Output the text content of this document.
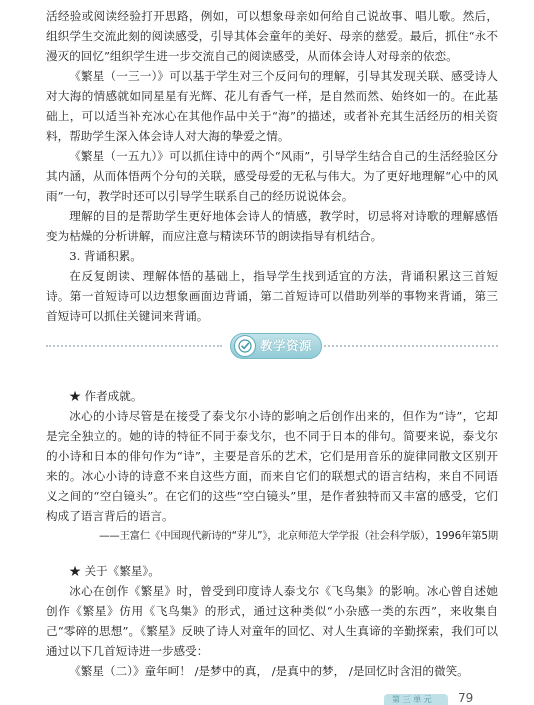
活经验或阅读经验打开思路，例如，可以想象母亲如何给自己说故事、唱儿歌。然后，组织学生交流此刻的阅读感受，引导其体会童年的美好、母亲的慈爱。最后，抓住“永不漫灭的回忆”组织学生进一步交流自己的阅读感受，从而体会诗人对母亲的依恋。

《繁星（一三一）》可以基于学生对三个反问句的理解，引导其发现关联、感受诗人对大海的情感就如同星星有光辉、花儿有香气一样，是自然而然、始终如一的。在此基础上，可以适当补充冰心在其他作品中关于“海”的描述，或者补充其生活经历的相关资料，帮助学生深入体会诗人对大海的挚爱之情。

《繁星（一五九）》可以抓住诗中的两个“风雨”，引导学生结合自己的生活经验区分其内涵，从而体悟两个分句的关联，感受母爱的无私与伟大。为了更好地理解“心中的风雨”一句，教学时还可以引导学生联系自己的经历说说体会。

理解的目的是帮助学生更好地体会诗人的情感，教学时，切忌将对诗歌的理解感悟变为枯燥的分析讲解，而应注意与精读环节的朗读指导有机结合。

3. 背诵积累。

在反复朗读、理解体悟的基础上，指导学生找到适宜的方法，背诵积累这三首短诗。第一首短诗可以边想象画面边背诵，第二首短诗可以借助列举的事物来背诵，第三首短诗可以抓住关键词来背诵。

教学资源

★ 作者成就。

冰心的小诗尽管是在接受了泰戈尔小诗的影响之后创作出来的，但作为“诗”，它却是完全独立的。她的诗的特征不同于泰戈尔，也不同于日本的俳句。简要来说，泰戈尔的小诗和日本的俳句作为“诗”，主要是音乐的艺术，它们是用音乐的旋律同散文区别开来的。冰心小诗的诗意不来自这些方面，而来自它们的联想式的语言结构，来自不同语义之间的“空白镜头”。在它们的这些“空白镜头”里，是作者独特而又丰富的感受，它们构成了语言背后的语言。

——王富仁《中国现代新诗的“芽儿”》，北京师范大学学报（社会科学版），1996年第5期

★ 关于《繁星》。

冰心在创作《繁星》时，曾受到印度诗人泰戈尔《飞鸟集》的影响。冰心曾自述她创作《繁星》仿用《飞鸟集》的形式，通过这种类似“小杂感一类的东西”，来收集自己“零碎的思想”。《繁星》反映了诗人对童年的回忆、对人生真谛的辛勤探索，我们可以通过以下几首短诗进一步感受：

《繁星（二）》童年呵！ /是梦中的真， /是真中的梦， /是回忆时含泪的微笑。

第 三 单 元 79
